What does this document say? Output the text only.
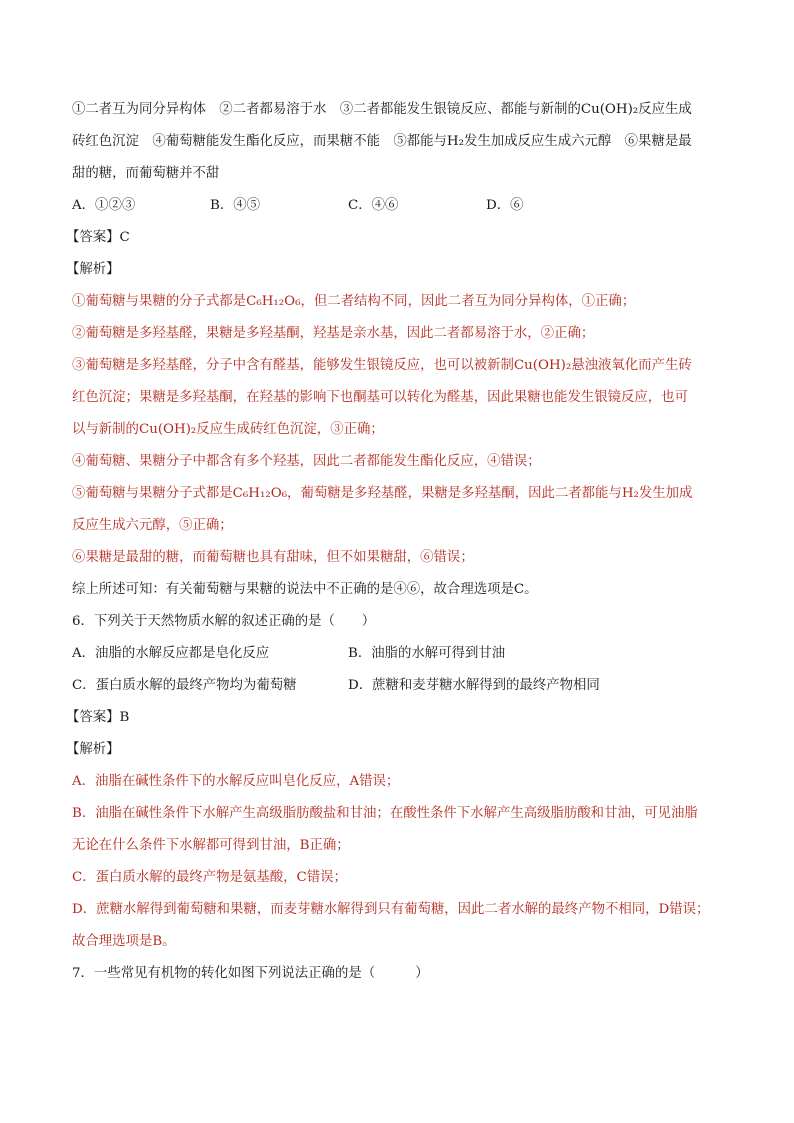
①二者互为同分异构体　②二者都易溶于水　③二者都能发生银镜反应、都能与新制的Cu(OH)₂反应生成
砖红色沉淀　④葡萄糖能发生酯化反应，而果糖不能　⑤都能与H₂发生加成反应生成六元醇　⑥果糖是最
甜的糖，而葡萄糖并不甜
A．①②③	B．④⑤	C．④⑥	D．⑥
【答案】C
【解析】
①葡萄糖与果糖的分子式都是C₆H₁₂O₆，但二者结构不同，因此二者互为同分异构体，①正确；
②葡萄糖是多羟基醛，果糖是多羟基酮，羟基是亲水基，因此二者都易溶于水，②正确；
③葡萄糖是多羟基醛，分子中含有醛基，能够发生银镜反应，也可以被新制Cu(OH)₂悬浊液氧化而产生砖
红色沉淀；果糖是多羟基酮，在羟基的影响下也酮基可以转化为醛基，因此果糖也能发生银镜反应，也可
以与新制的Cu(OH)₂反应生成砖红色沉淀，③正确；
④葡萄糖、果糖分子中都含有多个羟基，因此二者都能发生酯化反应，④错误；
⑤葡萄糖与果糖分子式都是C₆H₁₂O₆，葡萄糖是多羟基醛，果糖是多羟基酮，因此二者都能与H₂发生加成
反应生成六元醇，⑤正确；
⑥果糖是最甜的糖，而葡萄糖也具有甜味，但不如果糖甜，⑥错误；
综上所述可知：有关葡萄糖与果糖的说法中不正确的是④⑥，故合理选项是C。
6．下列关于天然物质水解的叙述正确的是（　　）
A．油脂的水解反应都是皂化反应	B．油脂的水解可得到甘油
C．蛋白质水解的最终产物均为葡萄糖	D．蔗糖和麦芽糖水解得到的最终产物相同
【答案】B
【解析】
A．油脂在碱性条件下的水解反应叫皂化反应，A错误；
B．油脂在碱性条件下水解产生高级脂肪酸盐和甘油；在酸性条件下水解产生高级脂肪酸和甘油，可见油脂
无论在什么条件下水解都可得到甘油，B正确；
C．蛋白质水解的最终产物是氨基酸，C错误；
D．蔗糖水解得到葡萄糖和果糖，而麦芽糖水解得到只有葡萄糖，因此二者水解的最终产物不相同，D错误；
故合理选项是B。
7．一些常见有机物的转化如图下列说法正确的是（　　　）
